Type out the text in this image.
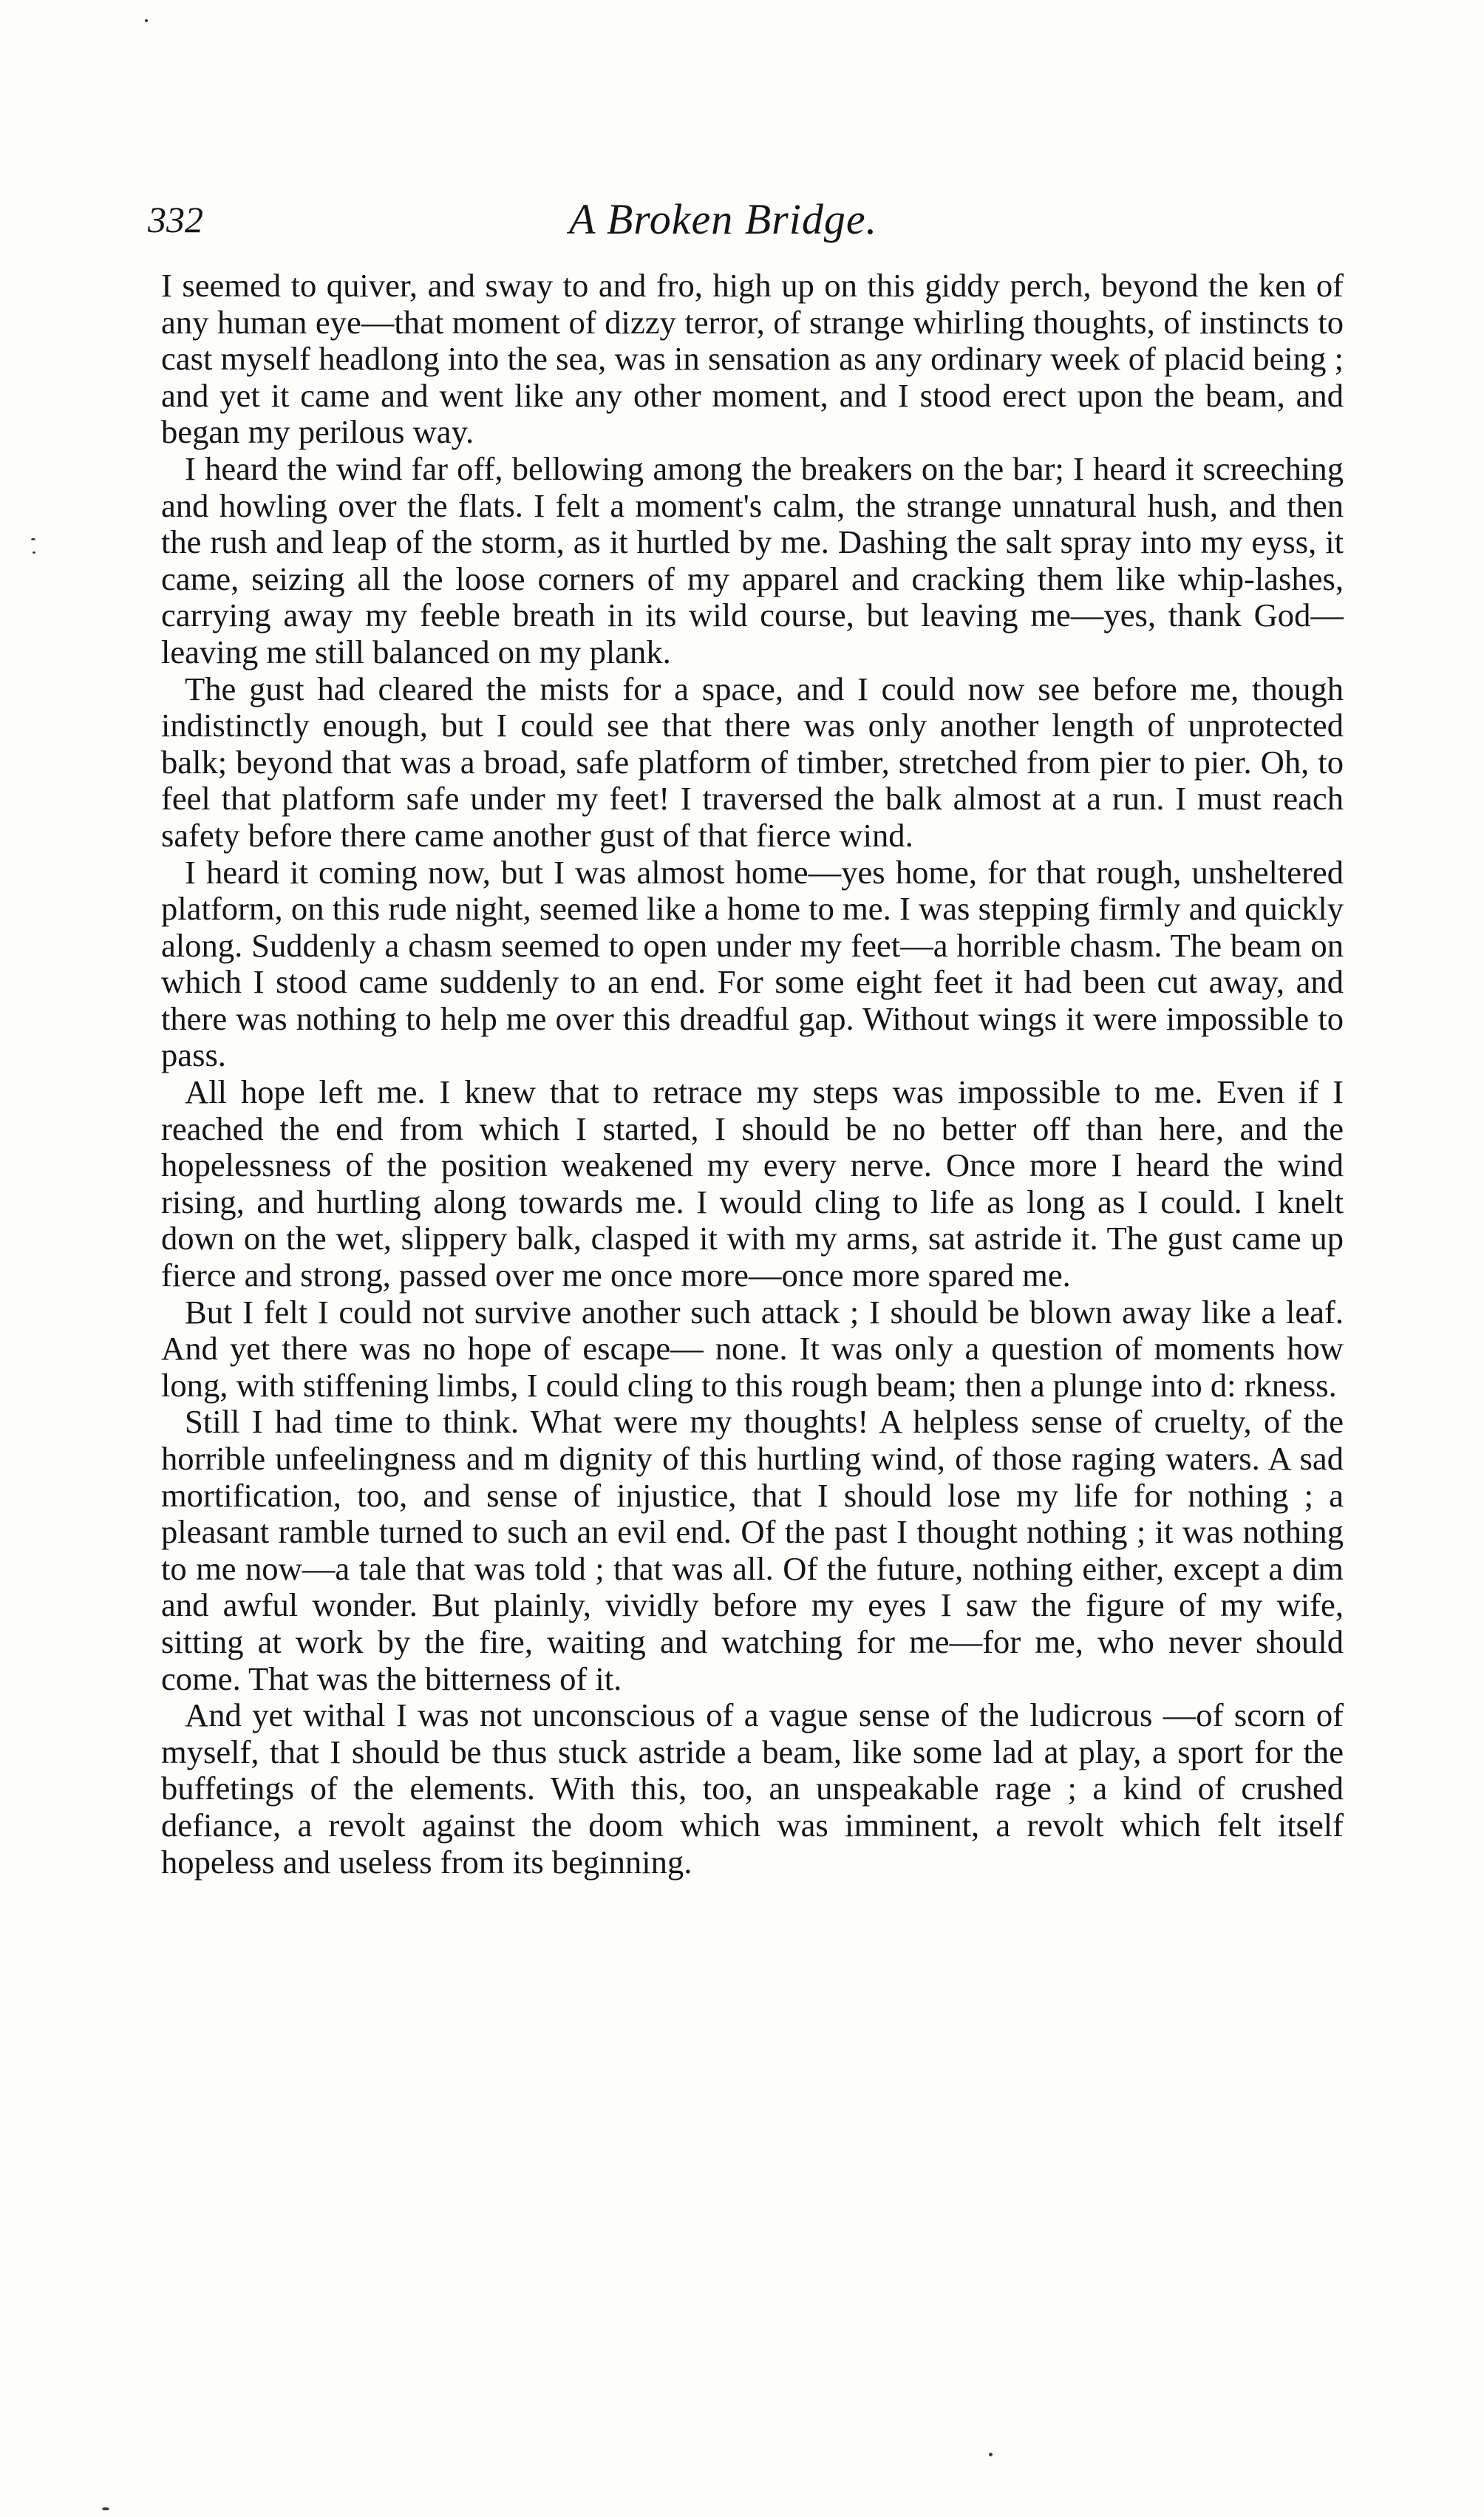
332	A Broken Bridge.

I seemed to quiver, and sway to and fro, high up on this giddy perch, beyond the ken of any human eye—that moment of dizzy terror, of strange whirling thoughts, of instincts to cast myself headlong into the sea, was in sensation as any ordinary week of placid being ; and yet it came and went like any other moment, and I stood erect upon the beam, and began my perilous way.

I heard the wind far off, bellowing among the breakers on the bar; I heard it screeching and howling over the flats. I felt a moment's calm, the strange unnatural hush, and then the rush and leap of the storm, as it hurtled by me. Dashing the salt spray into my eyss, it came, seizing all the loose corners of my apparel and cracking them like whip-lashes, carrying away my feeble breath in its wild course, but leaving me—yes, thank God—leaving me still balanced on my plank.

The gust had cleared the mists for a space, and I could now see before me, though indistinctly enough, but I could see that there was only another length of unprotected balk; beyond that was a broad, safe platform of timber, stretched from pier to pier. Oh, to feel that platform safe under my feet! I traversed the balk almost at a run. I must reach safety before there came another gust of that fierce wind.

I heard it coming now, but I was almost home—yes home, for that rough, unsheltered platform, on this rude night, seemed like a home to me. I was stepping firmly and quickly along. Suddenly a chasm seemed to open under my feet—a horrible chasm. The beam on which I stood came suddenly to an end. For some eight feet it had been cut away, and there was nothing to help me over this dreadful gap. Without wings it were impossible to pass.

All hope left me. I knew that to retrace my steps was impossible to me. Even if I reached the end from which I started, I should be no better off than here, and the hopelessness of the position weakened my every nerve. Once more I heard the wind rising, and hurtling along towards me. I would cling to life as long as I could. I knelt down on the wet, slippery balk, clasped it with my arms, sat astride it. The gust came up fierce and strong, passed over me once more—once more spared me.

But I felt I could not survive another such attack ; I should be blown away like a leaf. And yet there was no hope of escape— none. It was only a question of moments how long, with stiffening limbs, I could cling to this rough beam; then a plunge into d: rkness.

Still I had time to think. What were my thoughts! A helpless sense of cruelty, of the horrible unfeelingness and m dignity of this hurtling wind, of those raging waters. A sad mortification, too, and sense of injustice, that I should lose my life for nothing ; a pleasant ramble turned to such an evil end. Of the past I thought nothing ; it was nothing to me now—a tale that was told ; that was all. Of the future, nothing either, except a dim and awful wonder. But plainly, vividly before my eyes I saw the figure of my wife, sitting at work by the fire, waiting and watching for me—for me, who never should come. That was the bitterness of it.

And yet withal I was not unconscious of a vague sense of the ludicrous —of scorn of myself, that I should be thus stuck astride a beam, like some lad at play, a sport for the buffetings of the elements. With this, too, an unspeakable rage ; a kind of crushed defiance, a revolt against the doom which was imminent, a revolt which felt itself hopeless and useless from its beginning.
